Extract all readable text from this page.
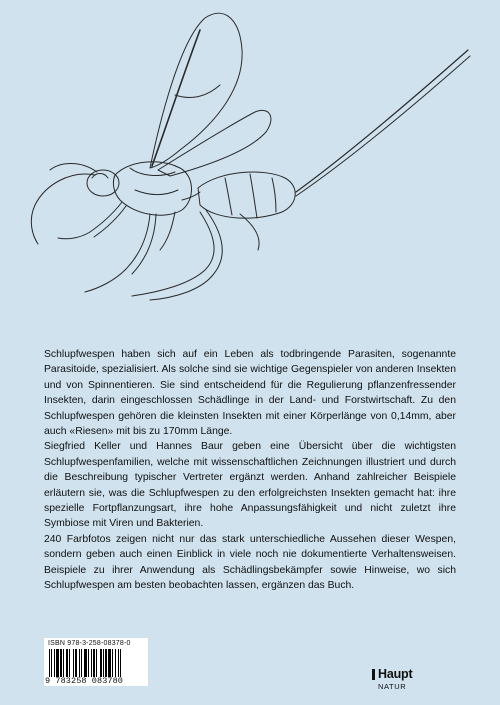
Schlupfwespen haben sich auf ein Leben als todbringende Parasiten, sogenannte Parasitoide, spezialisiert. Als solche sind sie wichtige Gegenspieler von anderen Insekten und von Spinnentieren. Sie sind entscheidend für die Regulierung pflanzenfressender Insekten, darin eingeschlossen Schädlinge in der Land- und Forstwirtschaft. Zu den Schlupfwespen gehören die kleinsten Insekten mit einer Körperlänge von 0,14mm, aber auch «Riesen» mit bis zu 170mm Länge.

Siegfried Keller und Hannes Baur geben eine Übersicht über die wichtigsten Schlupfwespenfamilien, welche mit wissenschaftlichen Zeichnungen illustriert und durch die Beschreibung typischer Vertreter ergänzt werden. Anhand zahlreicher Beispiele erläutern sie, was die Schlupfwespen zu den erfolgreichsten Insekten gemacht hat: ihre spezielle Fortpflanzungsart, ihre hohe Anpassungsfähigkeit und nicht zuletzt ihre Symbiose mit Viren und Bakterien.

240 Farbfotos zeigen nicht nur das stark unterschiedliche Aussehen dieser Wespen, sondern geben auch einen Einblick in viele noch nie dokumentierte Verhaltensweisen. Beispiele zu ihrer Anwendung als Schädlingsbekämpfer sowie Hinweise, wo sich Schlupfwespen am besten beobachten lassen, ergänzen das Buch.

ISBN 978-3-258-08378-0
9 783258 083780	Haupt
NATUR
